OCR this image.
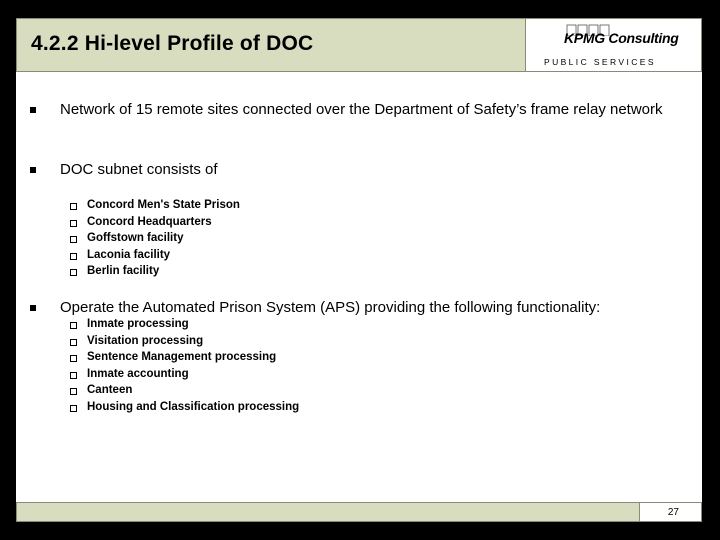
4.2.2 Hi-level Profile of DOC	KPMG Consulting
PUBLIC SERVICES
Network of 15 remote sites connected over the Department of Safety’s frame relay network
DOC subnet consists of
Concord Men's State Prison
Concord Headquarters
Goffstown facility
Laconia facility
Berlin facility
Operate the Automated Prison System (APS) providing the following functionality:
Inmate processing
Visitation processing
Sentence Management processing
Inmate accounting
Canteen
Housing and Classification processing
27
